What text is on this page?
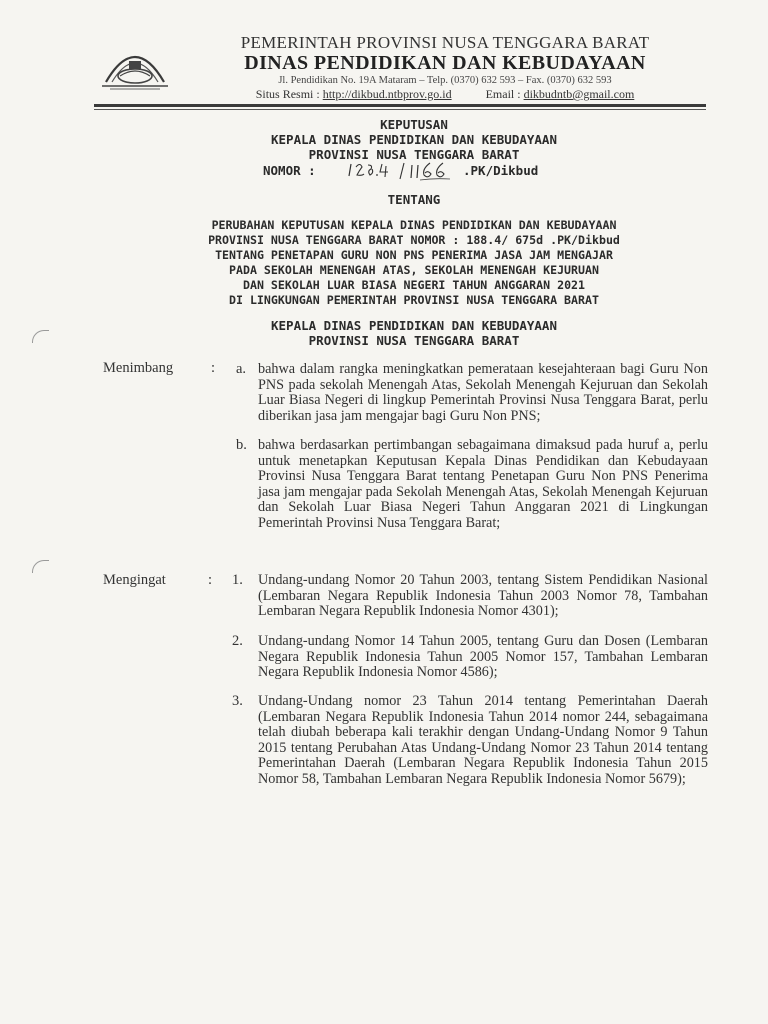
PEMERINTAH PROVINSI NUSA TENGGARA BARAT
DINAS PENDIDIKAN DAN KEBUDAYAAN
Jl. Pendidikan No. 19A Mataram – Telp. (0370) 632 593 – Fax. (0370) 632 593
Situs Resmi : http://dikbud.ntbprov.go.id	Email : dikbudntb@gmail.com
KEPUTUSAN
KEPALA DINAS PENDIDIKAN DAN KEBUDAYAAN
PROVINSI NUSA TENGGARA BARAT
NOMOR :
 	.PK/Dikbud
TENTANG
PERUBAHAN KEPUTUSAN KEPALA DINAS PENDIDIKAN DAN KEBUDAYAAN
PROVINSI NUSA TENGGARA BARAT NOMOR : 188.4/ 675d .PK/Dikbud
TENTANG PENETAPAN GURU NON PNS PENERIMA JASA JAM MENGAJAR
PADA SEKOLAH MENENGAH ATAS, SEKOLAH MENENGAH KEJURUAN
DAN SEKOLAH LUAR BIASA NEGERI TAHUN ANGGARAN 2021
DI LINGKUNGAN PEMERINTAH PROVINSI NUSA TENGGARA BARAT
KEPALA DINAS PENDIDIKAN DAN KEBUDAYAAN
PROVINSI NUSA TENGGARA BARAT
Menimbang	: a. bahwa dalam rangka meningkatkan pemerataan kesejahteraan bagi Guru Non PNS pada sekolah Menengah Atas, Sekolah Menengah Kejuruan dan Sekolah Luar Biasa Negeri di lingkup Pemerintah Provinsi Nusa Tenggara Barat, perlu diberikan jasa jam mengajar bagi Guru Non PNS;
b. bahwa berdasarkan pertimbangan sebagaimana dimaksud pada huruf a, perlu untuk menetapkan Keputusan Kepala Dinas Pendidikan dan Kebudayaan Provinsi Nusa Tenggara Barat tentang Penetapan Guru Non PNS Penerima jasa jam mengajar pada Sekolah Menengah Atas, Sekolah Menengah Kejuruan dan Sekolah Luar Biasa Negeri Tahun Anggaran 2021 di Lingkungan Pemerintah Provinsi Nusa Tenggara Barat;
Mengingat	: 1. Undang-undang Nomor 20 Tahun 2003, tentang Sistem Pendidikan Nasional (Lembaran Negara Republik Indonesia Tahun 2003 Nomor 78, Tambahan Lembaran Negara Republik Indonesia Nomor 4301);
2. Undang-undang Nomor 14 Tahun 2005, tentang Guru dan Dosen (Lembaran Negara Republik Indonesia Tahun 2005 Nomor 157, Tambahan Lembaran Negara Republik Indonesia Nomor 4586);
3. Undang-Undang nomor 23 Tahun 2014 tentang Pemerintahan Daerah (Lembaran Negara Republik Indonesia Tahun 2014 nomor 244, sebagaimana telah diubah beberapa kali terakhir dengan Undang-Undang Nomor 9 Tahun 2015 tentang Perubahan Atas Undang-Undang Nomor 23 Tahun 2014 tentang Pemerintahan Daerah (Lembaran Negara Republik Indonesia Tahun 2015 Nomor 58, Tambahan Lembaran Negara Republik Indonesia Nomor 5679);
